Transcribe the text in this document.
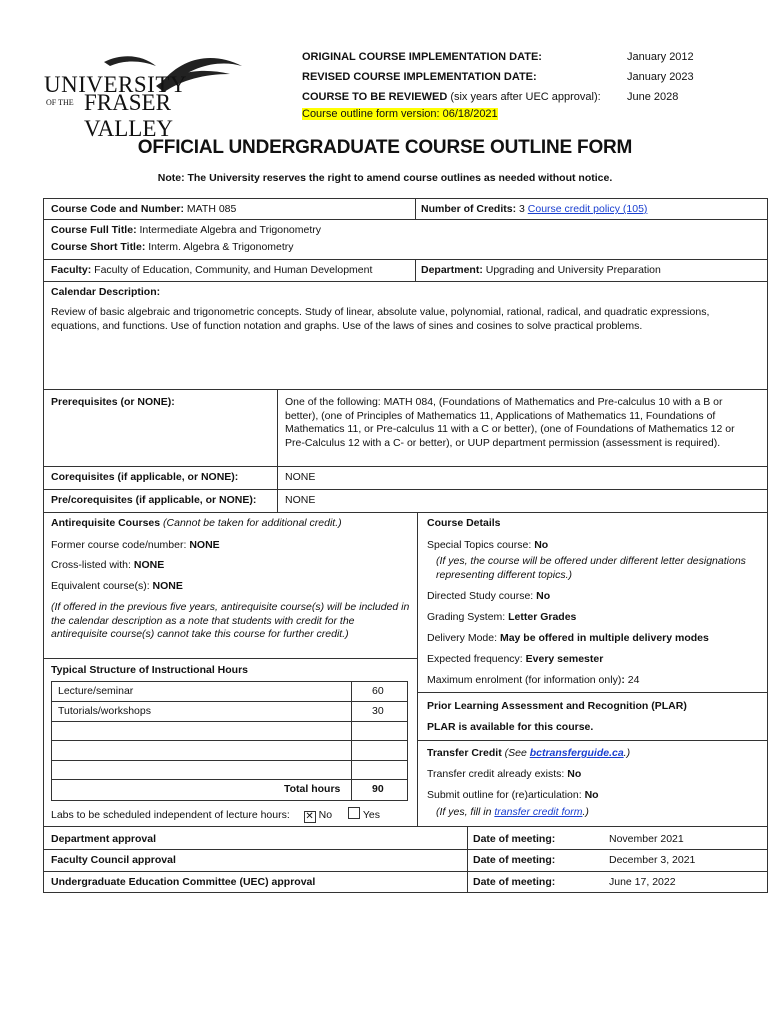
UNIVERSITY
OF THE FRASER VALLEY
ORIGINAL COURSE IMPLEMENTATION DATE:	January 2012
REVISED COURSE IMPLEMENTATION DATE:	January 2023
COURSE TO BE REVIEWED (six years after UEC approval): June 2028
Course outline form version: 06/18/2021
OFFICIAL UNDERGRADUATE COURSE OUTLINE FORM
Note: The University reserves the right to amend course outlines as needed without notice.
Course Code and Number: MATH 085	Number of Credits: 3 Course credit policy (105)
Course Full Title: Intermediate Algebra and Trigonometry
Course Short Title: Interm. Algebra & Trigonometry
Faculty: Faculty of Education, Community, and Human Development	Department: Upgrading and University Preparation
Calendar Description:
Review of basic algebraic and trigonometric concepts. Study of linear, absolute value, polynomial, rational, radical, and quadratic expressions, equations, and functions. Use of function notation and graphs. Use of the laws of sines and cosines to solve practical problems.
Prerequisites (or NONE):	One of the following: MATH 084, (Foundations of Mathematics and Pre-calculus 10 with a B or better), (one of Principles of Mathematics 11, Applications of Mathematics 11, Foundations of Mathematics 11, or Pre-calculus 11 with a C or better), (one of Foundations of Mathematics 12 or Pre-Calculus 12 with a C- or better), or UUP department permission (assessment is required).
Corequisites (if applicable, or NONE):	NONE
Pre/corequisites (if applicable, or NONE):	NONE
Antirequisite Courses (Cannot be taken for additional credit.)
Former course code/number: NONE
Cross-listed with: NONE
Equivalent course(s): NONE
(If offered in the previous five years, antirequisite course(s) will be included in the calendar description as a note that students with credit for the antirequisite course(s) cannot take this course for further credit.)
Typical Structure of Instructional Hours
Lecture/seminar	60
Tutorials/workshops	30
Total hours	90
Labs to be scheduled independent of lecture hours: ✕ No	Yes
Course Details
Special Topics course: No
(If yes, the course will be offered under different letter designations representing different topics.)
Directed Study course: No
Grading System: Letter Grades
Delivery Mode: May be offered in multiple delivery modes
Expected frequency: Every semester
Maximum enrolment (for information only): 24
Prior Learning Assessment and Recognition (PLAR)
PLAR is available for this course.
Transfer Credit (See bctransferguide.ca.)
Transfer credit already exists: No
Submit outline for (re)articulation: No
(If yes, fill in transfer credit form.)
Department approval	Date of meeting:	November 2021
Faculty Council approval	Date of meeting:	December 3, 2021
Undergraduate Education Committee (UEC) approval	Date of meeting:	June 17, 2022
